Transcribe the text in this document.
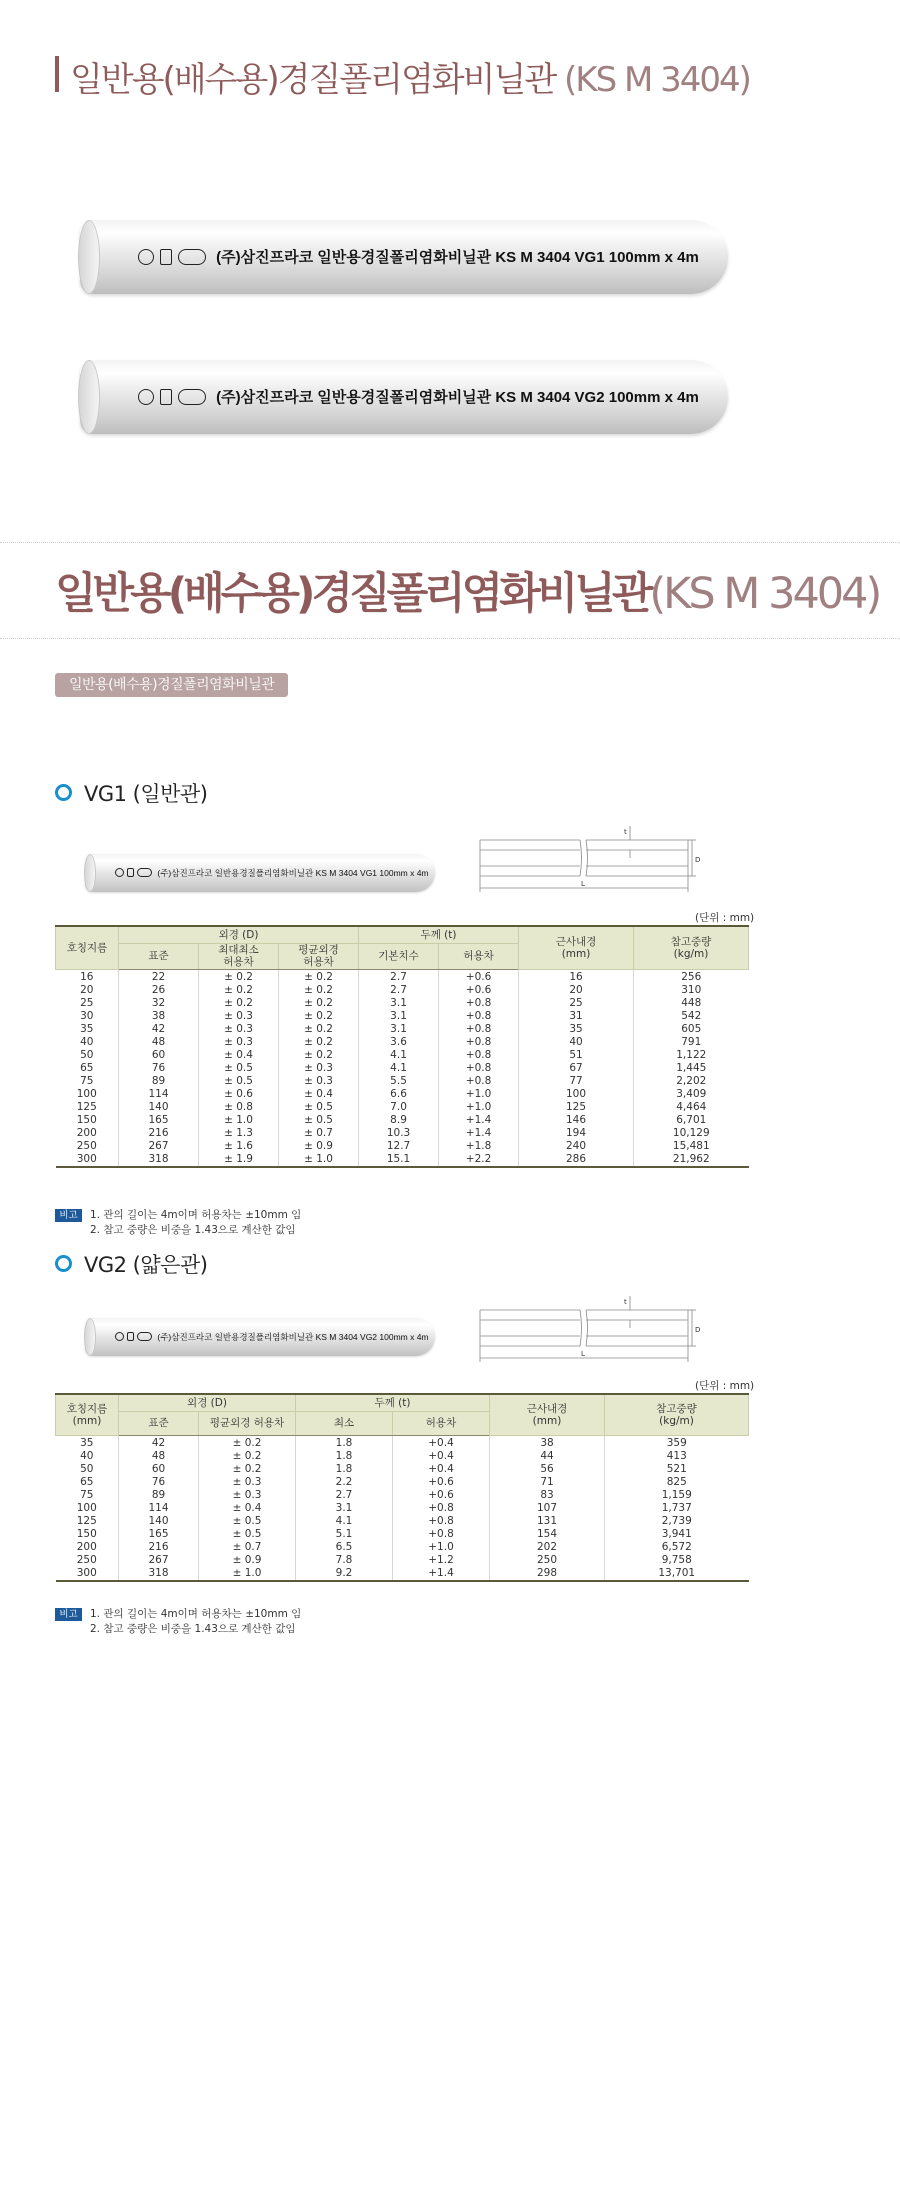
일반용(배수용)경질폴리염화비닐관 (KS M 3404)
(주)삼진프라코 일반용경질폴리염화비닐관 KS M 3404 VG1 100mm x 4m
(주)삼진프라코 일반용경질폴리염화비닐관 KS M 3404 VG2 100mm x 4m
일반용(배수용)경질폴리염화비닐관(KS M 3404)
일반용(배수용)경질폴리염화비닐관
VG1 (일반관)
(주)삼진프라코 일반용경질폴리염화비닐관 KS M 3404 VG1 100mm x 4m
t
D
L
(단위 : mm)
호칭지름	외경 (D)			두께 (t)		근사내경
(mm)	참고중량
(kg/m)
	표준	최대최소 허용차	평균외경 허용차	기본치수	허용차		
16	22	± 0.2	± 0.2	2.7	+0.6	16	256
20	26	± 0.2	± 0.2	2.7	+0.6	20	310
25	32	± 0.2	± 0.2	3.1	+0.8	25	448
30	38	± 0.3	± 0.2	3.1	+0.8	31	542
35	42	± 0.3	± 0.2	3.1	+0.8	35	605
40	48	± 0.3	± 0.2	3.6	+0.8	40	791
50	60	± 0.4	± 0.2	4.1	+0.8	51	1,122
65	76	± 0.5	± 0.3	4.1	+0.8	67	1,445
75	89	± 0.5	± 0.3	5.5	+0.8	77	2,202
100	114	± 0.6	± 0.4	6.6	+1.0	100	3,409
125	140	± 0.8	± 0.5	7.0	+1.0	125	4,464
150	165	± 1.0	± 0.5	8.9	+1.4	146	6,701
200	216	± 1.3	± 0.7	10.3	+1.4	194	10,129
250	267	± 1.6	± 0.9	12.7	+1.8	240	15,481
300	318	± 1.9	± 1.0	15.1	+2.2	286	21,962
비고	1. 관의 길이는 4m이며 허용차는 ±10mm 임
2. 참고 중량은 비중을 1.43으로 계산한 값임
VG2 (얇은관)
(주)삼진프라코 일반용경질폴리염화비닐관 KS M 3404 VG2 100mm x 4m
t
D
L
(단위 : mm)
호칭지름
(mm)	외경 (D)		두께 (t)		근사내경
(mm)	참고중량
(kg/m)
	표준	평균외경 허용차	최소	허용차		
35	42	± 0.2	1.8	+0.4	38	359
40	48	± 0.2	1.8	+0.4	44	413
50	60	± 0.2	1.8	+0.4	56	521
65	76	± 0.3	2.2	+0.6	71	825
75	89	± 0.3	2.7	+0.6	83	1,159
100	114	± 0.4	3.1	+0.8	107	1,737
125	140	± 0.5	4.1	+0.8	131	2,739
150	165	± 0.5	5.1	+0.8	154	3,941
200	216	± 0.7	6.5	+1.0	202	6,572
250	267	± 0.9	7.8	+1.2	250	9,758
300	318	± 1.0	9.2	+1.4	298	13,701
비고	1. 관의 길이는 4m이며 허용차는 ±10mm 임
2. 참고 중량은 비중을 1.43으로 계산한 값임
